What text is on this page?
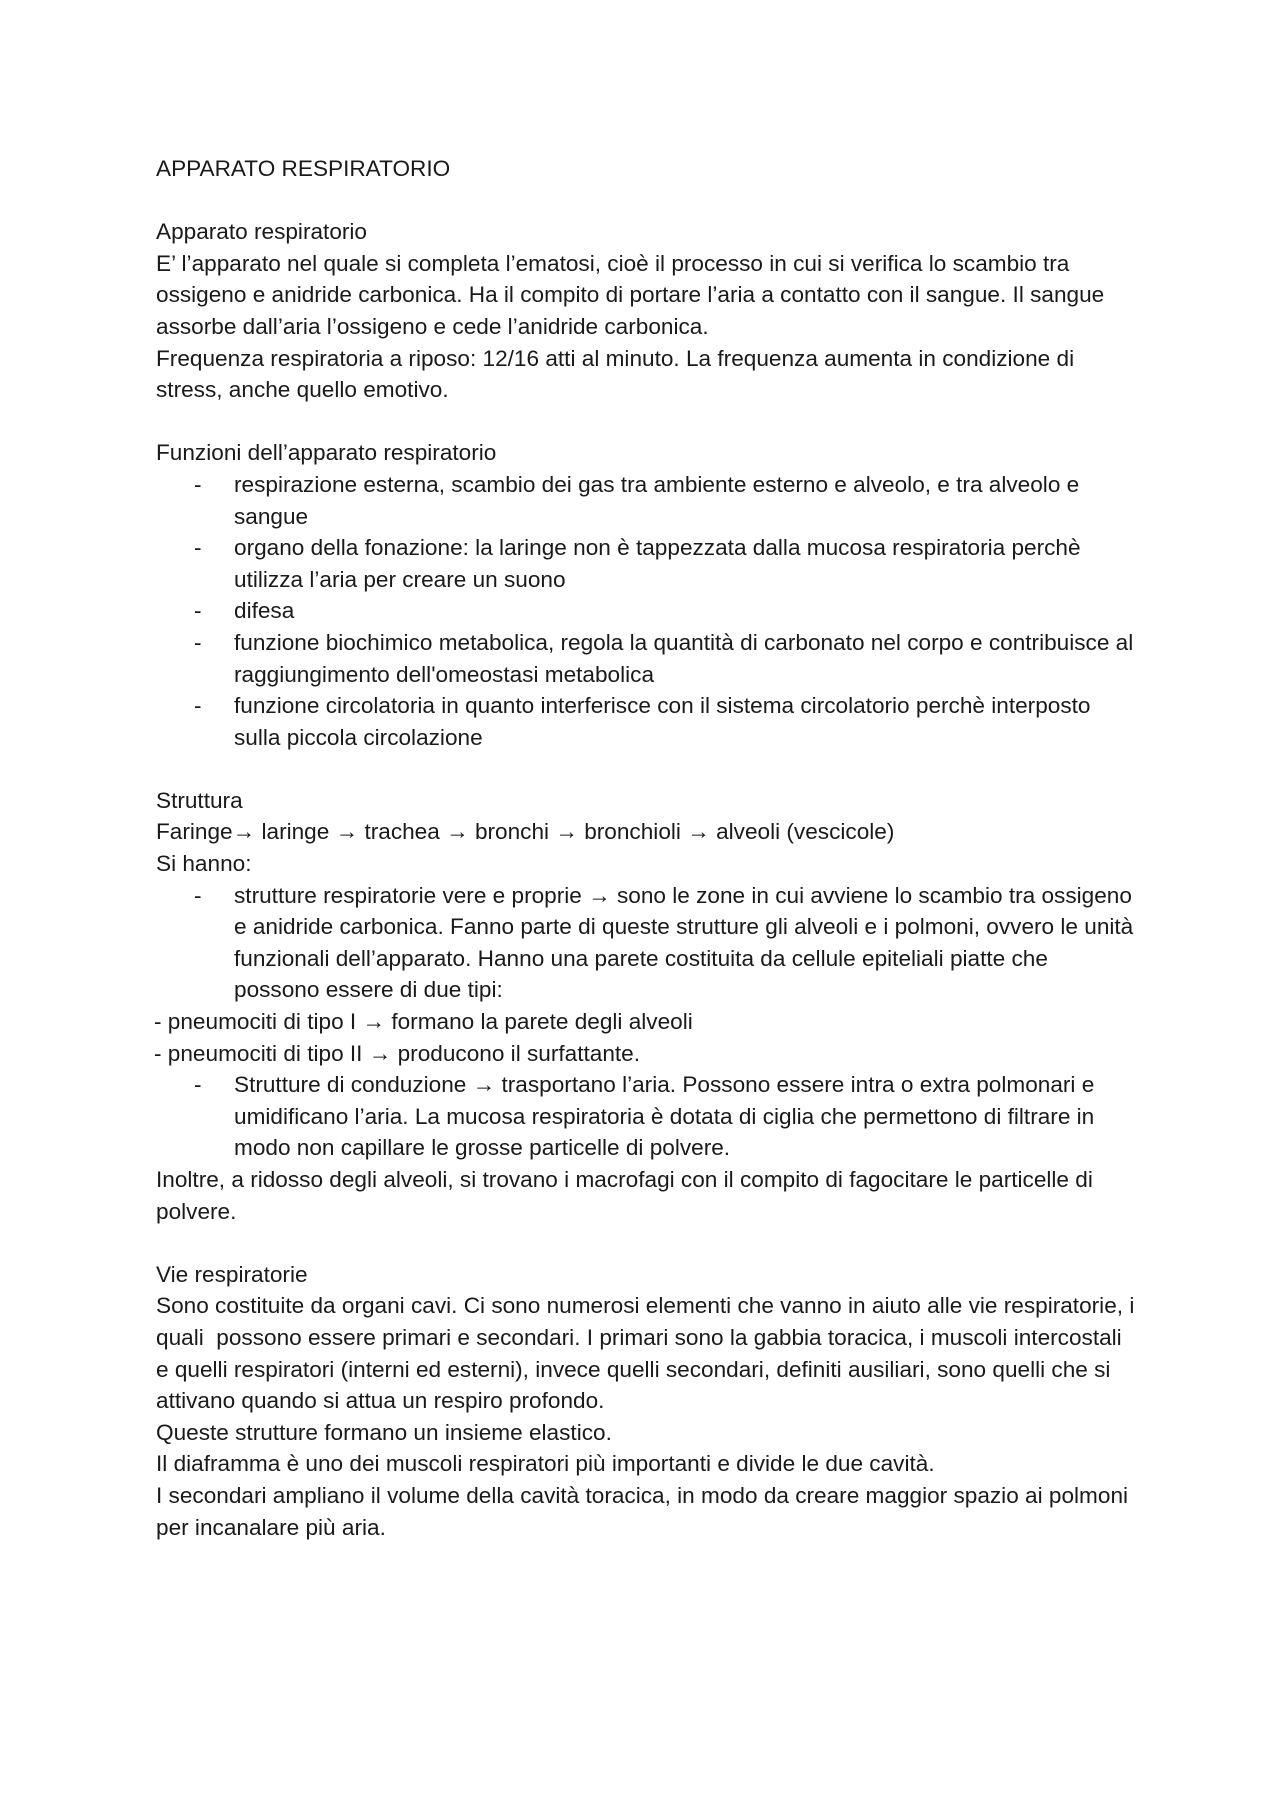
APPARATO RESPIRATORIO

Apparato respiratorio

E’ l’apparato nel quale si completa l’ematosi, cioè il processo in cui si verifica lo scambio tra ossigeno e anidride carbonica. Ha il compito di portare l’aria a contatto con il sangue. Il sangue assorbe dall’aria l’ossigeno e cede l’anidride carbonica.

Frequenza respiratoria a riposo: 12/16 atti al minuto. La frequenza aumenta in condizione di stress, anche quello emotivo.

Funzioni dell’apparato respiratorio

- respirazione esterna, scambio dei gas tra ambiente esterno e alveolo, e tra alveolo e sangue
- organo della fonazione: la laringe non è tappezzata dalla mucosa respiratoria perchè utilizza l’aria per creare un suono
- difesa
- funzione biochimico metabolica, regola la quantità di carbonato nel corpo e contribuisce al raggiungimento dell'omeostasi metabolica
- funzione circolatoria in quanto interferisce con il sistema circolatorio perchè interposto sulla piccola circolazione

Struttura

Faringe→ laringe → trachea → bronchi → bronchioli → alveoli (vescicole)

Si hanno:

- strutture respiratorie vere e proprie → sono le zone in cui avviene lo scambio tra ossigeno e anidride carbonica. Fanno parte di queste strutture gli alveoli e i polmoni, ovvero le unità funzionali dell’apparato. Hanno una parete costituita da cellule epiteliali piatte che possono essere di due tipi:

- pneumociti di tipo I → formano la parete degli alveoli

- pneumociti di tipo II → producono il surfattante.

- Strutture di conduzione → trasportano l’aria. Possono essere intra o extra polmonari e umidificano l’aria. La mucosa respiratoria è dotata di ciglia che permettono di filtrare in modo non capillare le grosse particelle di polvere.

Inoltre, a ridosso degli alveoli, si trovano i macrofagi con il compito di fagocitare le particelle di polvere.

Vie respiratorie

Sono costituite da organi cavi. Ci sono numerosi elementi che vanno in aiuto alle vie respiratorie, i quali  possono essere primari e secondari. I primari sono la gabbia toracica, i muscoli intercostali e quelli respiratori (interni ed esterni), invece quelli secondari, definiti ausiliari, sono quelli che si attivano quando si attua un respiro profondo.

Queste strutture formano un insieme elastico.

Il diaframma è uno dei muscoli respiratori più importanti e divide le due cavità.

I secondari ampliano il volume della cavità toracica, in modo da creare maggior spazio ai polmoni per incanalare più aria.
